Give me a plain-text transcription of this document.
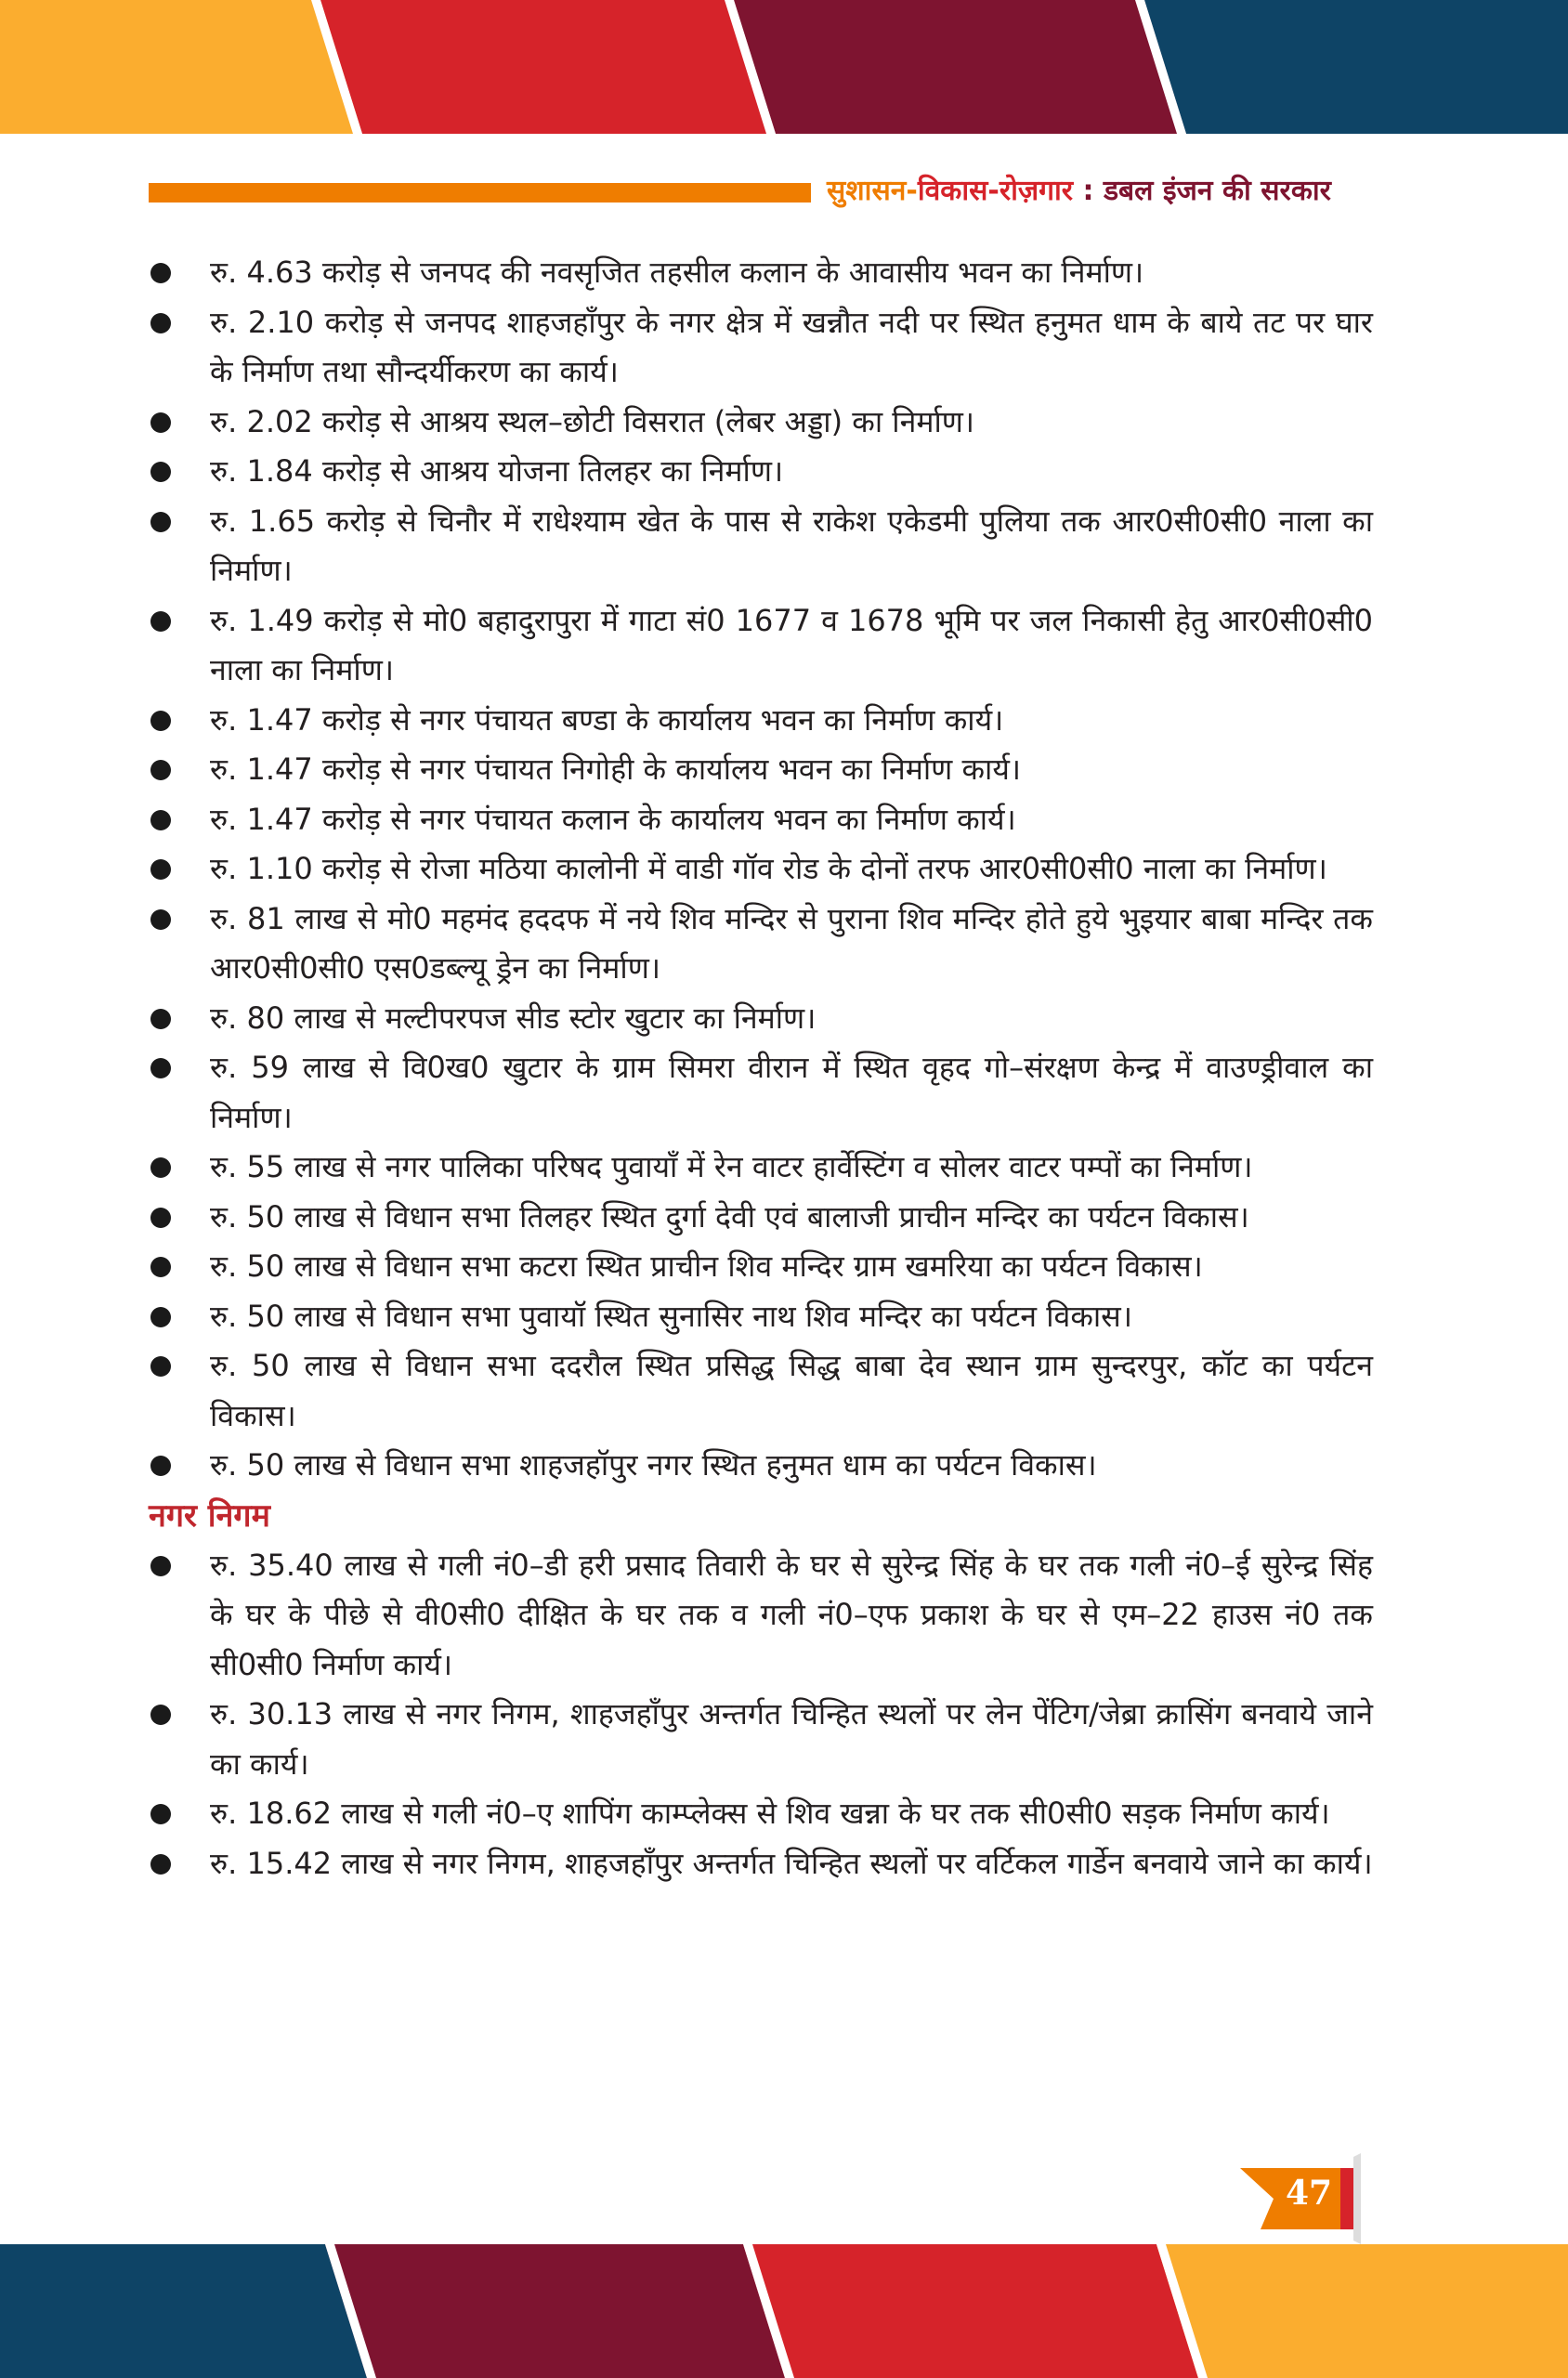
सुशासन-विकास-रोज़गार : डबल इंजन की सरकार
रु. 4.63 करोड़ से जनपद की नवसृजित तहसील कलान के आवासीय भवन का निर्माण।
रु. 2.10 करोड़ से जनपद शाहजहाँपुर के नगर क्षेत्र में खन्नौत नदी पर स्थित हनुमत धाम के बाये तट पर घार के निर्माण तथा सौन्दर्यीकरण का कार्य।
रु. 2.02 करोड़ से आश्रय स्थल–छोटी विसरात (लेबर अड्डा) का निर्माण।
रु. 1.84 करोड़ से आश्रय योजना तिलहर का निर्माण।
रु. 1.65 करोड़ से चिनौर में राधेश्याम खेत के पास से राकेश एकेडमी पुलिया तक आर0सी0सी0 नाला का निर्माण।
रु. 1.49 करोड़ से मो0 बहादुरापुरा में गाटा सं0 1677 व 1678 भूमि पर जल निकासी हेतु आर0सी0सी0 नाला का निर्माण।
रु. 1.47 करोड़ से नगर पंचायत बण्डा के कार्यालय भवन का निर्माण कार्य।
रु. 1.47 करोड़ से नगर पंचायत निगोही के कार्यालय भवन का निर्माण कार्य।
रु. 1.47 करोड़ से नगर पंचायत कलान के कार्यालय भवन का निर्माण कार्य।
रु. 1.10 करोड़ से रोजा मठिया कालोनी में वाडी गॉव रोड के दोनों तरफ आर0सी0सी0 नाला का निर्माण।
रु. 81 लाख से मो0 महमंद हददफ में नये शिव मन्दिर से पुराना शिव मन्दिर होते हुये भुइयार बाबा मन्दिर तक आर0सी0सी0 एस0डब्ल्यू ड्रेन का निर्माण।
रु. 80 लाख से मल्टीपरपज सीड स्टोर खुटार का निर्माण।
रु. 59 लाख से वि0ख0 खुटार के ग्राम सिमरा वीरान में स्थित वृहद गो–संरक्षण केन्द्र में वाउण्ड्रीवाल का निर्माण।
रु. 55 लाख से नगर पालिका परिषद पुवायाँ में रेन वाटर हार्वेस्टिंग व सोलर वाटर पम्पों का निर्माण।
रु. 50 लाख से विधान सभा तिलहर स्थित दुर्गा देवी एवं बालाजी प्राचीन मन्दिर का पर्यटन विकास।
रु. 50 लाख से विधान सभा कटरा स्थित प्राचीन शिव मन्दिर ग्राम खमरिया का पर्यटन विकास।
रु. 50 लाख से विधान सभा पुवायॉ स्थित सुनासिर नाथ शिव मन्दिर का पर्यटन विकास।
रु. 50 लाख से विधान सभा ददरौल स्थित प्रसिद्ध सिद्ध बाबा देव स्थान ग्राम सुन्दरपुर, कॉट का पर्यटन विकास।
रु. 50 लाख से विधान सभा शाहजहॉपुर नगर स्थित हनुमत धाम का पर्यटन विकास।
नगर निगम
रु. 35.40 लाख से गली नं0–डी हरी प्रसाद तिवारी के घर से सुरेन्द्र सिंह के घर तक गली नं0–ई सुरेन्द्र सिंह के घर के पीछे से वी0सी0 दीक्षित के घर तक व गली नं0–एफ प्रकाश के घर से एम–22 हाउस नं0 तक सी0सी0 निर्माण कार्य।
रु. 30.13 लाख से नगर निगम, शाहजहाँपुर अन्तर्गत चिन्हित स्थलों पर लेन पेंटिग/जेब्रा क्रासिंग बनवाये जाने का कार्य।
रु. 18.62 लाख से गली नं0–ए शापिंग काम्प्लेक्स से शिव खन्ना के घर तक सी0सी0 सड़क निर्माण कार्य।
रु. 15.42 लाख से नगर निगम, शाहजहाँपुर अन्तर्गत चिन्हित स्थलों पर वर्टिकल गार्डेन बनवाये जाने का कार्य।
47
